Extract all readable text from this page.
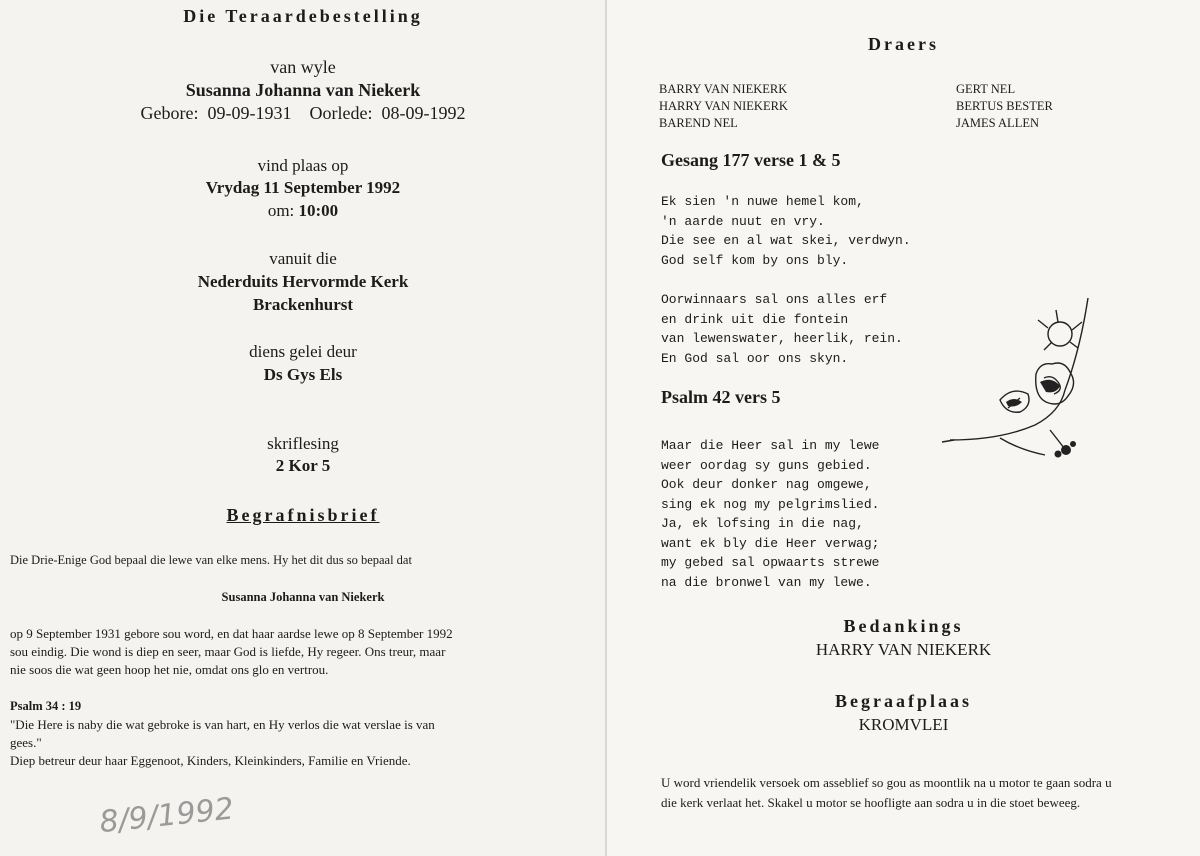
Die Teraardebestelling
van wyle
Susanna Johanna van Niekerk
Gebore:  09-09-1931    Oorlede:  08-09-1992
vind plaas op
Vrydag 11 September 1992
om: 10:00
vanuit die
Nederduits Hervormde Kerk
Brackenhurst
diens gelei deur
Ds Gys Els
skriflesing
2 Kor 5
Begrafnisbrief
Die Drie-Enige God bepaal die lewe van elke mens. Hy het dit dus so bepaal dat
Susanna Johanna van Niekerk
op 9 September 1931 gebore sou word, en dat haar aardse lewe op 8 September 1992
sou eindig. Die wond is diep en seer, maar God is liefde, Hy regeer. Ons treur, maar
nie soos die wat geen hoop het nie, omdat ons glo en vertrou.
Psalm 34 : 19
"Die Here is naby die wat gebroke is van hart, en Hy verlos die wat verslae is van
gees."
Diep betreur deur haar Eggenoot, Kinders, Kleinkinders, Familie en Vriende.
8/9/1992
Draers
BARRY VAN NIEKERK
HARRY VAN NIEKERK
BAREND NEL
GERT NEL
BERTUS BESTER
JAMES ALLEN
Gesang 177 verse 1 & 5
Ek sien 'n nuwe hemel kom,
'n aarde nuut en vry.
Die see en al wat skei, verdwyn.
God self kom by ons bly.
Oorwinnaars sal ons alles erf
en drink uit die fontein
van lewenswater, heerlik, rein.
En God sal oor ons skyn.
Psalm 42 vers 5
Maar die Heer sal in my lewe
weer oordag sy guns gebied.
Ook deur donker nag omgewe,
sing ek nog my pelgrimslied.
Ja, ek lofsing in die nag,
want ek bly die Heer verwag;
my gebed sal opwaarts strewe
na die bronwel van my lewe.
Bedankings
HARRY VAN NIEKERK
Begraafplaas
KROMVLEI
U word vriendelik versoek om asseblief so gou as moontlik na u motor te gaan sodra u
die kerk verlaat het. Skakel u motor se hoofligte aan sodra u in die stoet beweeg.
